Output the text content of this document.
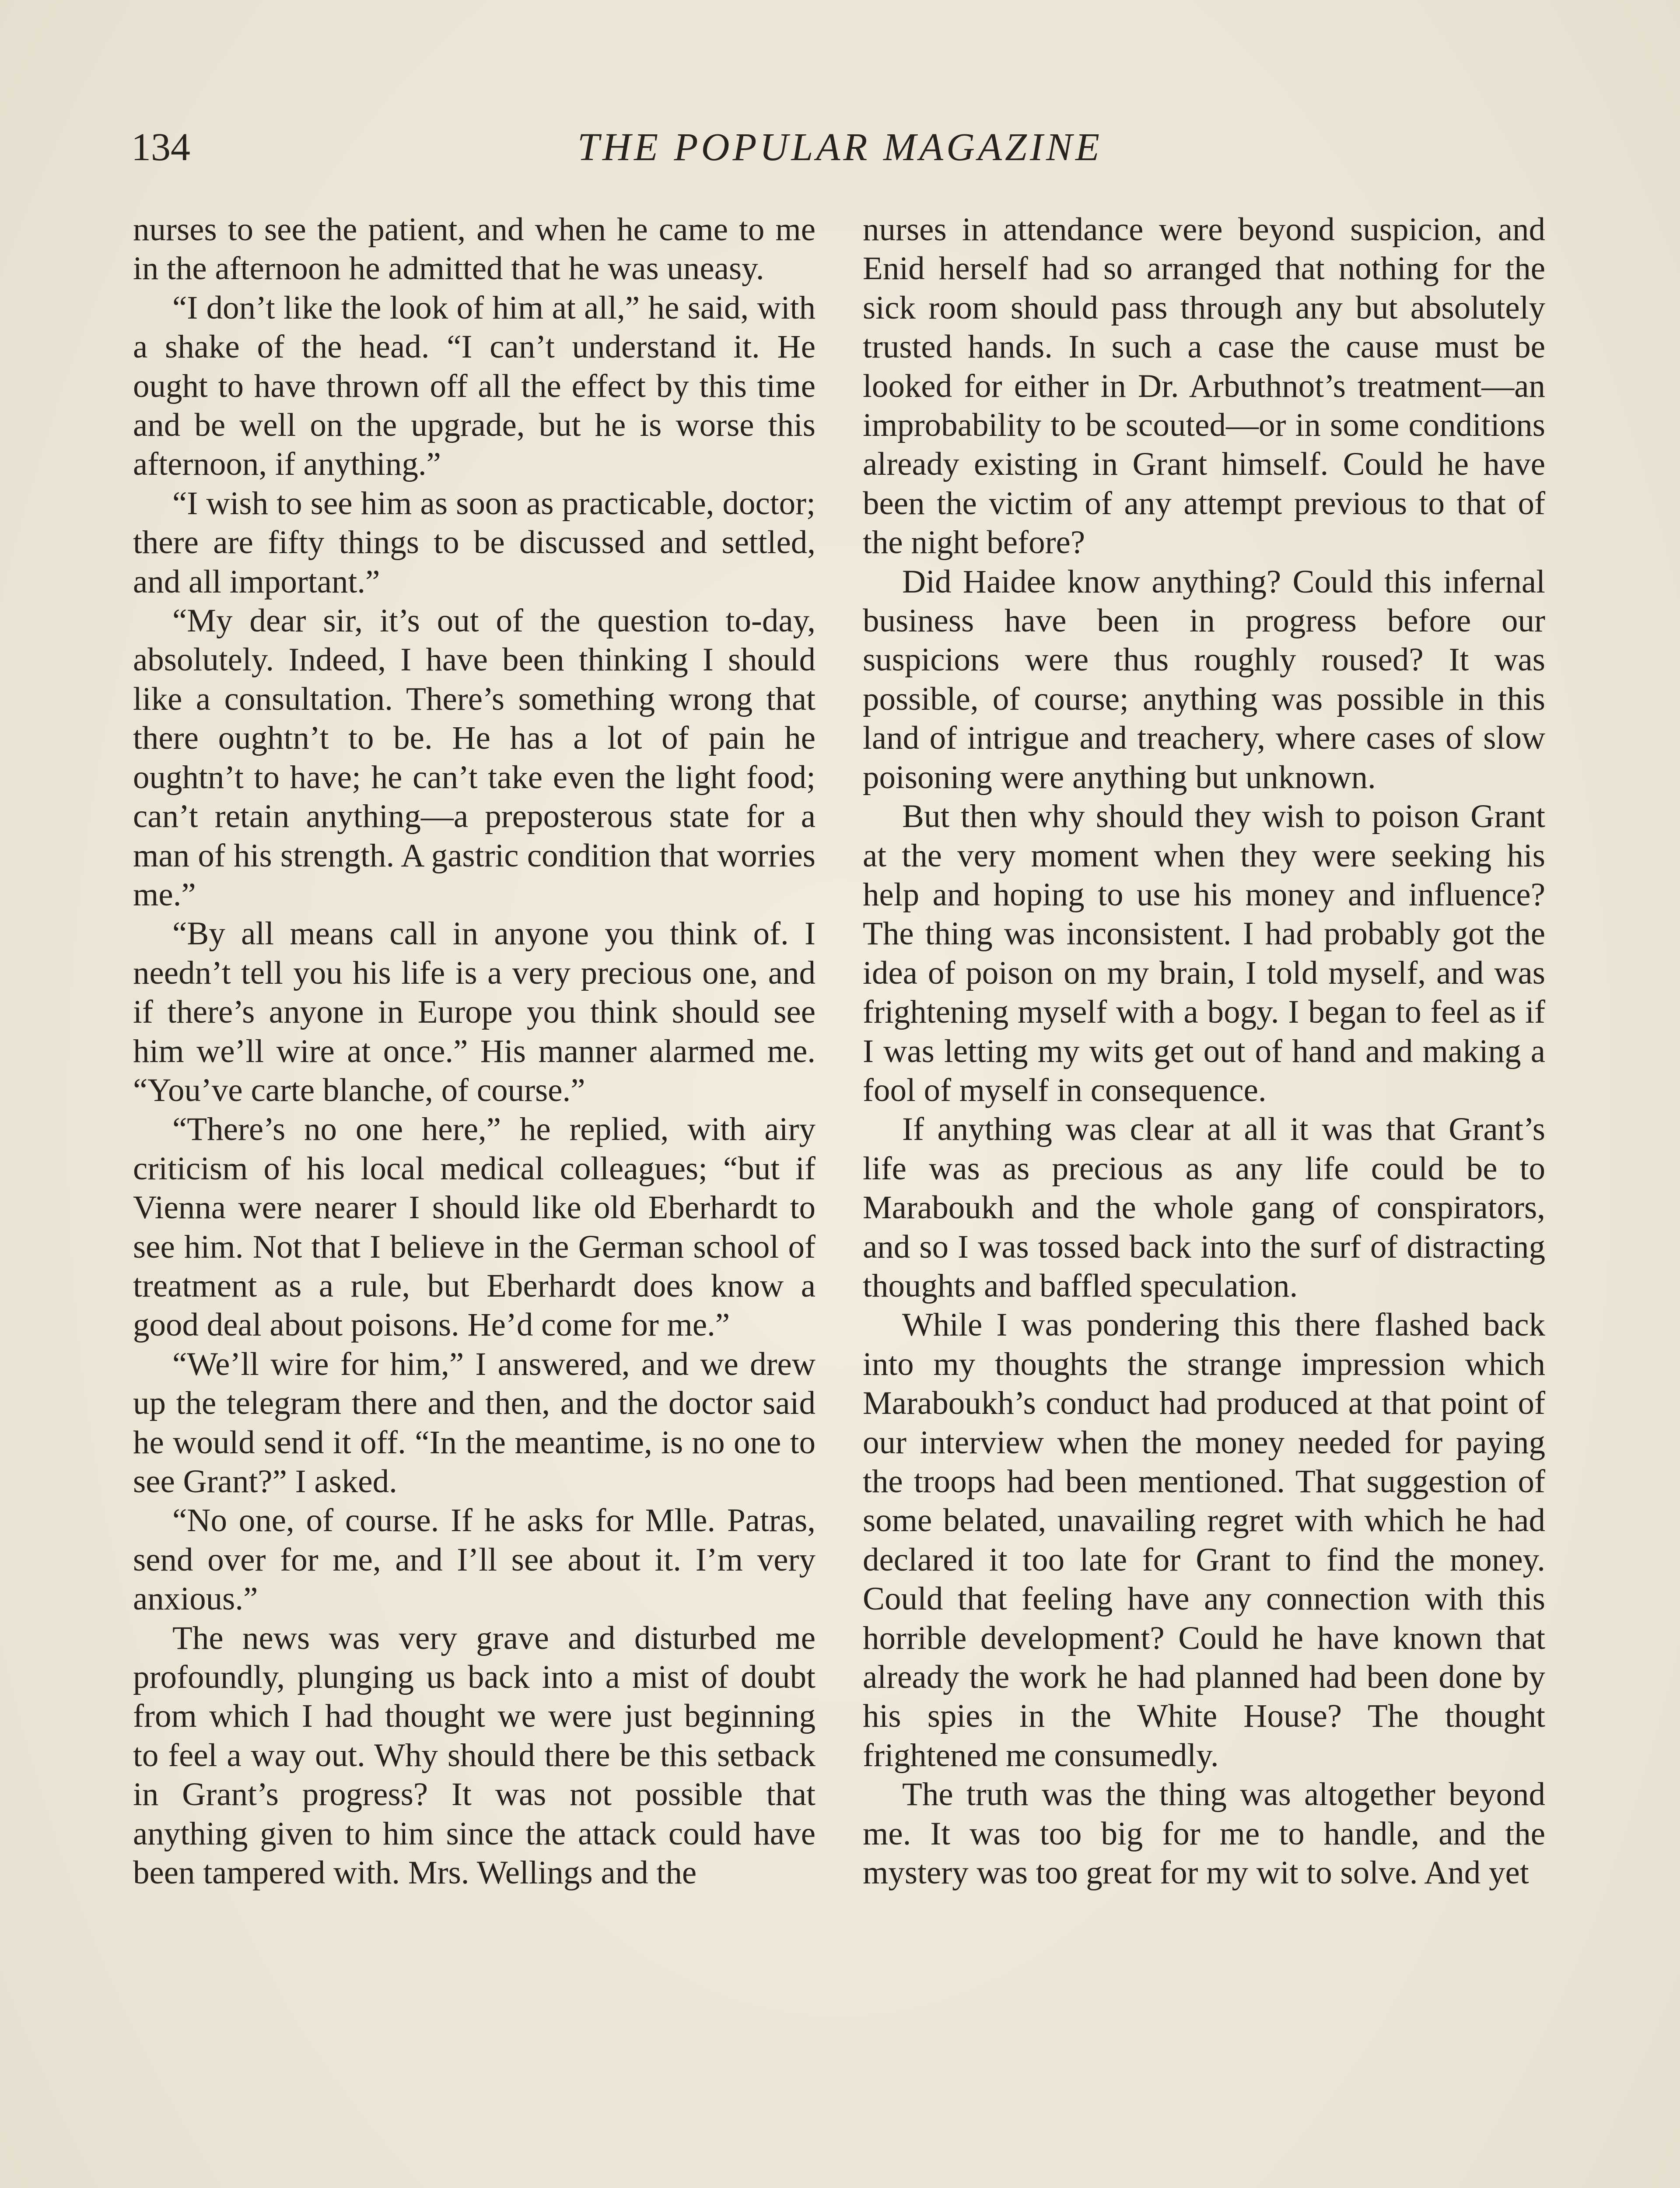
134	THE POPULAR MAGAZINE

nurses to see the patient, and when he came to me in the afternoon he admitted that he was uneasy.

“I don’t like the look of him at all,” he said, with a shake of the head. “I can’t understand it. He ought to have thrown off all the effect by this time and be well on the upgrade, but he is worse this afternoon, if anything.”

“I wish to see him as soon as practicable, doctor; there are fifty things to be discussed and settled, and all important.”

“My dear sir, it’s out of the question to-day, absolutely. Indeed, I have been thinking I should like a consultation. There’s something wrong that there oughtn’t to be. He has a lot of pain he oughtn’t to have; he can’t take even the light food; can’t retain anything—a preposterous state for a man of his strength. A gastric condition that worries me.”

“By all means call in anyone you think of. I needn’t tell you his life is a very precious one, and if there’s anyone in Europe you think should see him we’ll wire at once.” His manner alarmed me. “You’ve carte blanche, of course.”

“There’s no one here,” he replied, with airy criticism of his local medical colleagues; “but if Vienna were nearer I should like old Eberhardt to see him. Not that I believe in the German school of treatment as a rule, but Eberhardt does know a good deal about poisons. He’d come for me.”

“We’ll wire for him,” I answered, and we drew up the telegram there and then, and the doctor said he would send it off. “In the meantime, is no one to see Grant?” I asked.

“No one, of course. If he asks for Mlle. Patras, send over for me, and I’ll see about it. I’m very anxious.”

The news was very grave and disturbed me profoundly, plunging us back into a mist of doubt from which I had thought we were just beginning to feel a way out. Why should there be this setback in Grant’s progress? It was not possible that anything given to him since the attack could have been tampered with. Mrs. Wellings and the

nurses in attendance were beyond suspicion, and Enid herself had so arranged that nothing for the sick room should pass through any but absolutely trusted hands. In such a case the cause must be looked for either in Dr. Arbuthnot’s treatment—an improbability to be scouted—or in some conditions already existing in Grant himself. Could he have been the victim of any attempt previous to that of the night before?

Did Haidee know anything? Could this infernal business have been in progress before our suspicions were thus roughly roused? It was possible, of course; anything was possible in this land of intrigue and treachery, where cases of slow poisoning were anything but unknown.

But then why should they wish to poison Grant at the very moment when they were seeking his help and hoping to use his money and influence? The thing was inconsistent. I had probably got the idea of poison on my brain, I told myself, and was frightening myself with a bogy. I began to feel as if I was letting my wits get out of hand and making a fool of myself in consequence.

If anything was clear at all it was that Grant’s life was as precious as any life could be to Maraboukh and the whole gang of conspirators, and so I was tossed back into the surf of distracting thoughts and baffled speculation.

While I was pondering this there flashed back into my thoughts the strange impression which Maraboukh’s conduct had produced at that point of our interview when the money needed for paying the troops had been mentioned. That suggestion of some belated, unavailing regret with which he had declared it too late for Grant to find the money. Could that feeling have any connection with this horrible development? Could he have known that already the work he had planned had been done by his spies in the White House? The thought frightened me consumedly.

The truth was the thing was altogether beyond me. It was too big for me to handle, and the mystery was too great for my wit to solve. And yet
